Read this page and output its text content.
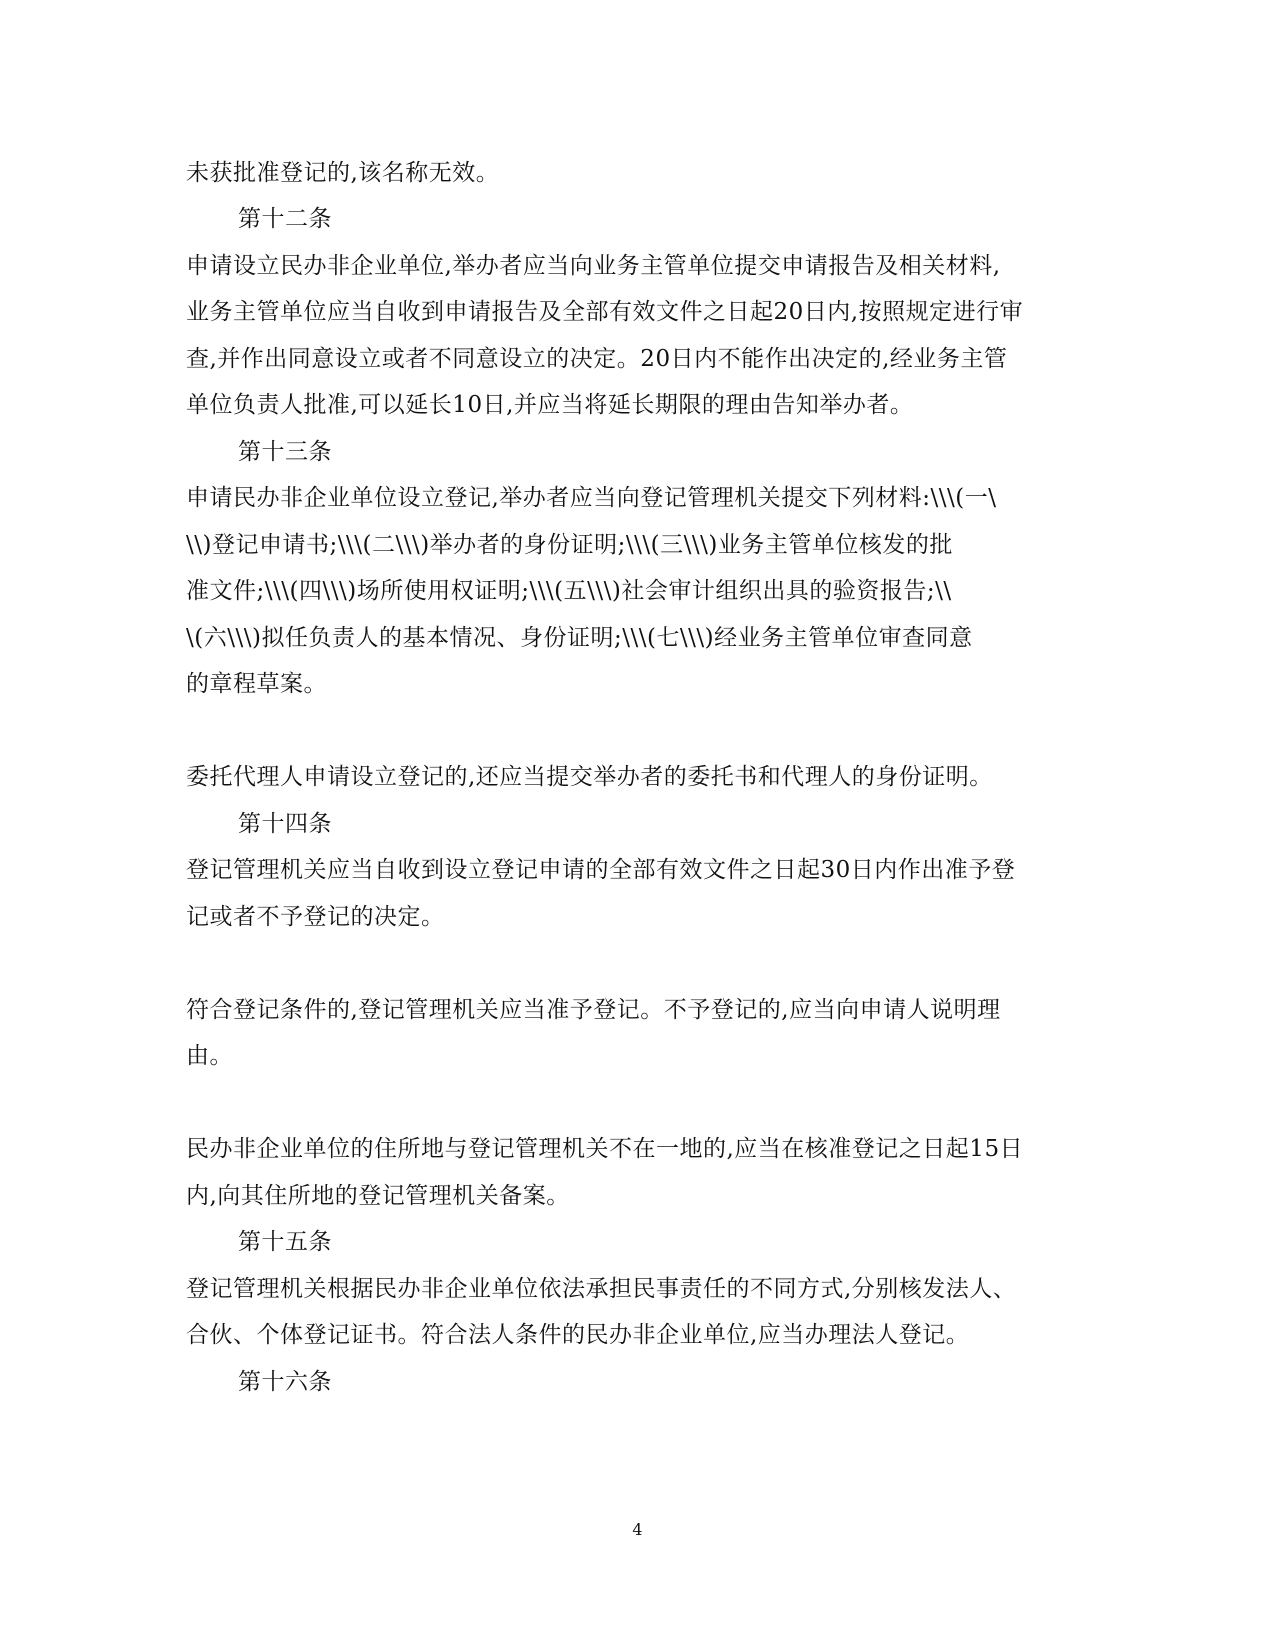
未获批准登记的,该名称无效。
第十二条
申请设立民办非企业单位,举办者应当向业务主管单位提交申请报告及相关材料,
业务主管单位应当自收到申请报告及全部有效文件之日起20日内,按照规定进行审
查,并作出同意设立或者不同意设立的决定。20日内不能作出决定的,经业务主管
单位负责人批准,可以延长10日,并应当将延长期限的理由告知举办者。
第十三条
申请民办非企业单位设立登记,举办者应当向登记管理机关提交下列材料:\\\(一\
\\)登记申请书;\\\(二\\\)举办者的身份证明;\\\(三\\\)业务主管单位核发的批
准文件;\\\(四\\\)场所使用权证明;\\\(五\\\)社会审计组织出具的验资报告;\\
\(六\\\)拟任负责人的基本情况、身份证明;\\\(七\\\)经业务主管单位审查同意
的章程草案。
委托代理人申请设立登记的,还应当提交举办者的委托书和代理人的身份证明。
第十四条
登记管理机关应当自收到设立登记申请的全部有效文件之日起30日内作出准予登
记或者不予登记的决定。
符合登记条件的,登记管理机关应当准予登记。不予登记的,应当向申请人说明理
由。
民办非企业单位的住所地与登记管理机关不在一地的,应当在核准登记之日起15日
内,向其住所地的登记管理机关备案。
第十五条
登记管理机关根据民办非企业单位依法承担民事责任的不同方式,分别核发法人、
合伙、个体登记证书。符合法人条件的民办非企业单位,应当办理法人登记。
第十六条
4
